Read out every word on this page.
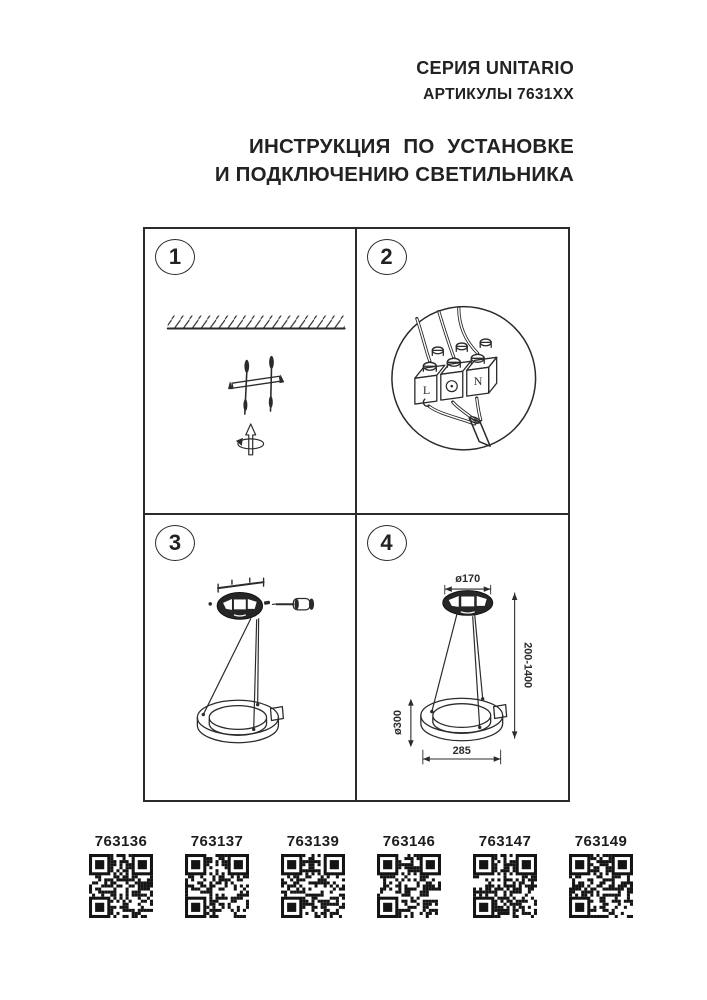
СЕРИЯ UNITARIO
АРТИКУЛЫ 7631XX
ИНСТРУКЦИЯ ПО УСТАНОВКЕ
И ПОДКЛЮЧЕНИЮ СВЕТИЛЬНИКА
1	2
L
N
3	4
ø170
200-1400
ø300
285
763136	763137	763139	763146	763147	763149
